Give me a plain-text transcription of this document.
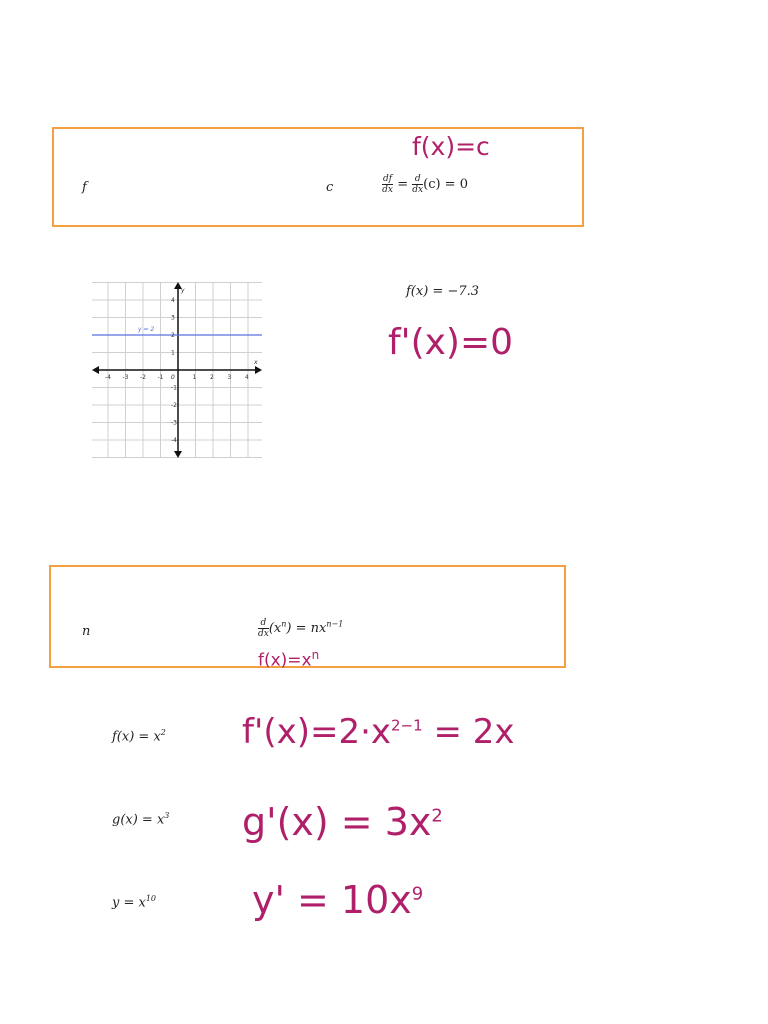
f(x)=c
f	c	$\frac{df}{dx} = \frac{d}{dx} (c) = 0$
-4 -3 -2 -1	1 2 3 4
4
3
2
1
-1
-2
-3
-4
0
x
y
y = 2
f(x) = −7.3
f'(x)=0
n	$\frac{d}{dx} (x^n) = nx^{n-1}$
$f(x)=x^n$
$f(x) = x^2$ $f'(x)=2\cdot x^{2-1} = 2x$
$g(x) = x^3$ $g'(x) = 3x^2$
$y = x^{10}$	$y' = 10x^9$
